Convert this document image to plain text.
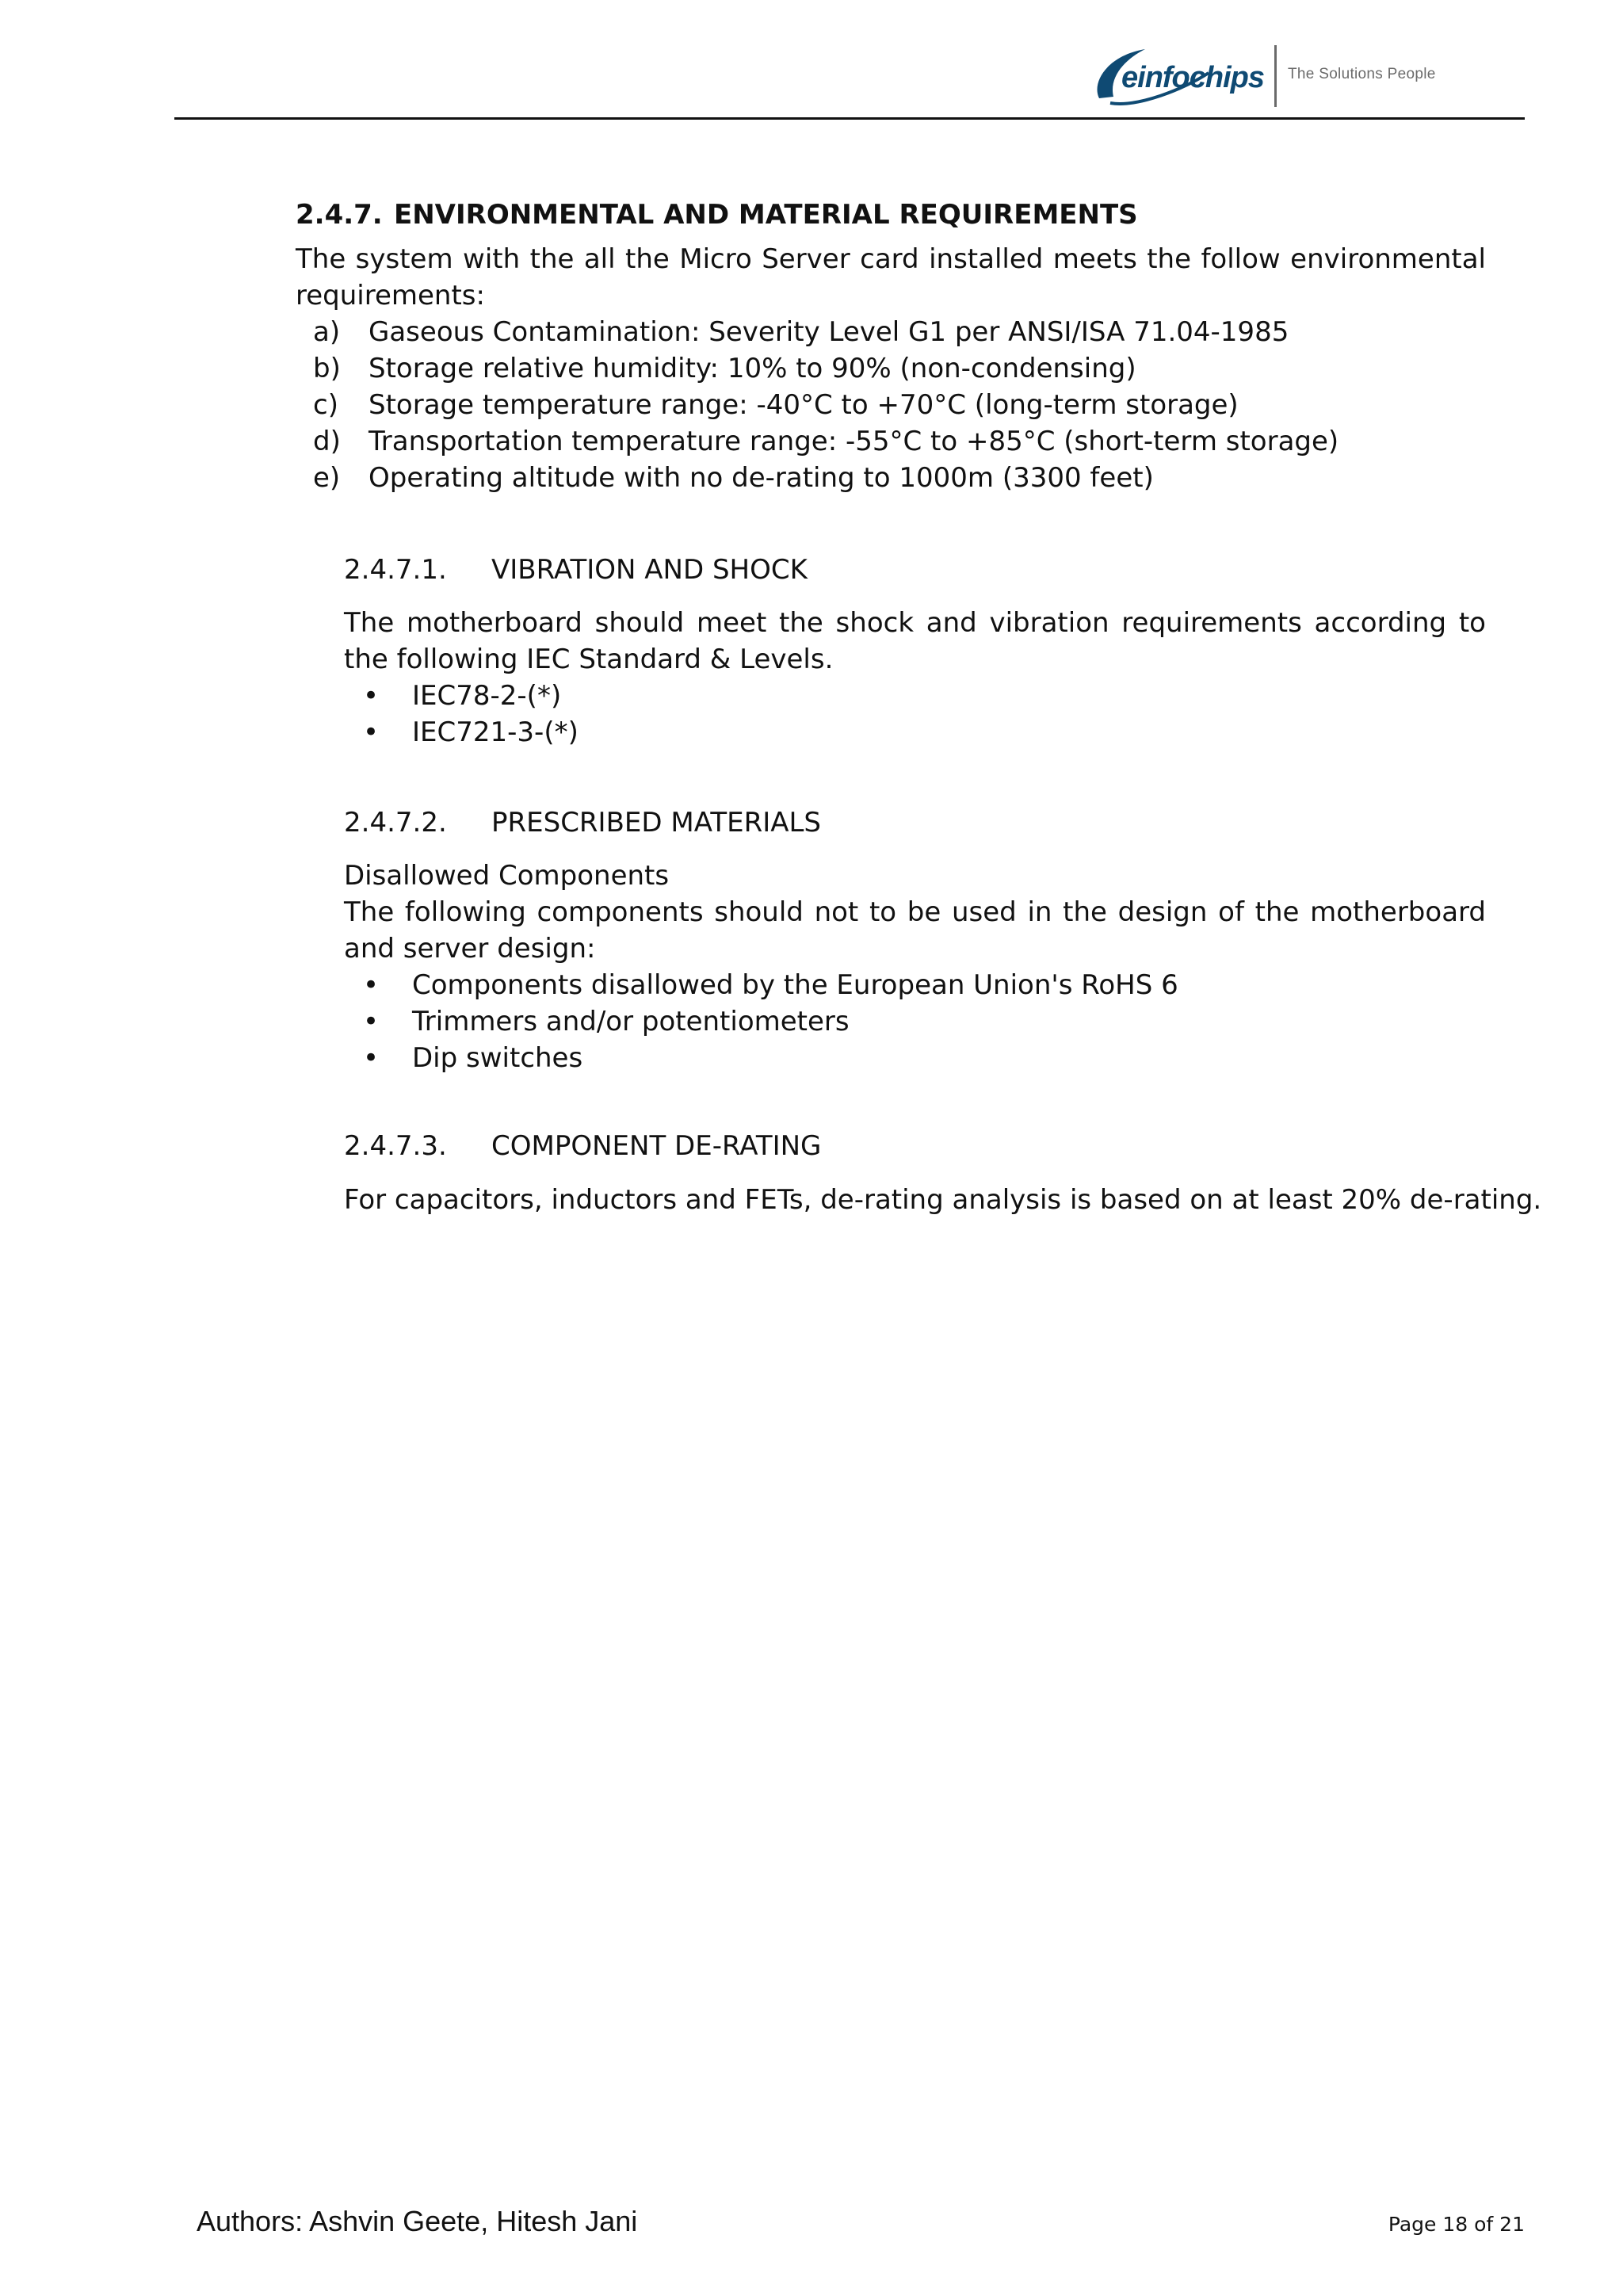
einfochips The Solutions People
2.4.7. ENVIRONMENTAL AND MATERIAL REQUIREMENTS
The system with the all the Micro Server card installed meets the follow environmental requirements:
a) Gaseous Contamination: Severity Level G1 per ANSI/ISA 71.04-1985
b) Storage relative humidity: 10% to 90% (non-condensing)
c) Storage temperature range: -40°C to +70°C (long-term storage)
d) Transportation temperature range: -55°C to +85°C (short-term storage)
e) Operating altitude with no de-rating to 1000m (3300 feet)
2.4.7.1. VIBRATION AND SHOCK
The motherboard should meet the shock and vibration requirements according to the following IEC Standard & Levels.
• IEC78-2-(*)
• IEC721-3-(*)
2.4.7.2. PRESCRIBED MATERIALS
Disallowed Components
The following components should not to be used in the design of the motherboard and server design:
• Components disallowed by the European Union's RoHS 6
• Trimmers and/or potentiometers
• Dip switches
2.4.7.3. COMPONENT DE-RATING
For capacitors, inductors and FETs, de-rating analysis is based on at least 20% de-rating.
Authors: Ashvin Geete, Hitesh Jani	Page 18 of 21
